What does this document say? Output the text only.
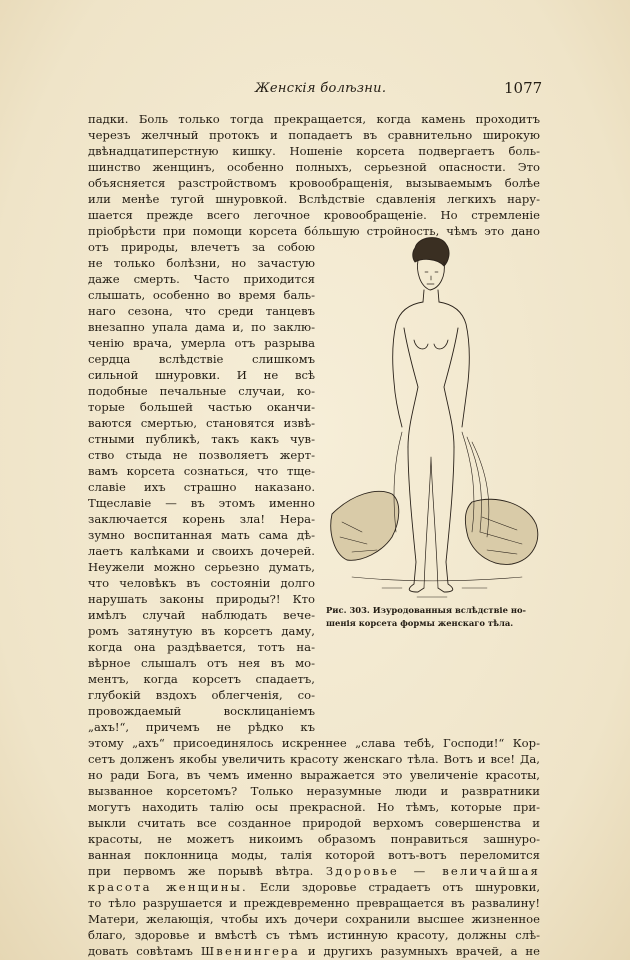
Женскія болѣзни.	1077
падки. Боль только тогда прекращается, когда камень проходитъ
черезъ желчный протокъ и попадаетъ въ сравнительно широкую
двѣнадцатиперстную кишку. Ношеніе корсета подвергаетъ боль-
шинство женщинъ, особенно полныхъ, серьезной опасности. Это
объясняется разстройствомъ кровообращенія, вызываемымъ болѣе
или менѣе тугой шнуровкой. Вслѣдствіе сдавленія легкихъ нару-
шается прежде всего легочное кровообращеніе. Но стремленіе
пріобрѣсти при помощи корсета бо́льшую стройность, чѣмъ это дано
отъ природы, влечетъ за собою
не только болѣзни, но зачастую
даже смерть. Часто приходится
слышать, особенно во время баль-
наго сезона, что среди танцевъ
внезапно упала дама и, по заклю-
ченію врача, умерла отъ разрыва
сердца вслѣдствіе слишкомъ
сильной шнуровки. И не всѣ
подобные печальные случаи, ко-
торые большей частью оканчи-
ваются смертью, становятся извѣ-
стными публикѣ, такъ какъ чув-
ство стыда не позволяетъ жерт-
вамъ корсета сознаться, что тще-
славіе ихъ страшно наказано.
Тщеславіе — въ этомъ именно
заключается корень зла! Нера-
зумно воспитанная мать сама дѣ-
лаетъ калѣками и своихъ дочерей.
Неужели можно серьезно думать,
что человѣкъ въ состояніи долго
нарушать законы природы?! Кто
имѣлъ случай наблюдать вече-
ромъ затянутую въ корсетъ даму,
когда она раздѣвается, тотъ на-
вѣрное слышалъ отъ нея въ мо-
ментъ, когда корсетъ спадаетъ,
глубокій вздохъ облегченія, со-
провождаемый восклицаніемъ
„ахъ!“, причемъ не рѣдко къ
этому „ахъ“ присоединялось искреннее „слава тебѣ, Господи!“ Кор-
сетъ долженъ якобы увеличить красоту женскаго тѣла. Вотъ и все! Да,
но ради Бога, въ чемъ именно выражается это увеличеніе красоты,
вызванное корсетомъ? Только неразумные люди и развратники
могутъ находить талію осы прекрасной. Но тѣмъ, которые при-
выкли считать все созданное природой верхомъ совершенства и
красоты, не можетъ никоимъ образомъ понравиться зашнуро-
ванная поклонница моды, талія которой вотъ-вотъ переломится
при первомъ же порывѣ вѣтра. Здоровье — величайшая
красота женщины. Если здоровье страдаетъ отъ шнуровки,
то тѣло разрушается и преждевременно превращается въ развалину!
Матери, желающія, чтобы ихъ дочери сохранили высшее жизненное
благо, здоровье и вмѣстѣ съ тѣмъ истинную красоту, должны слѣ-
довать совѣтамъ Швенингера и другихъ разумныхъ врачей, а не
Рис. 303. Изуродованныя вслѣдствіе но-
шенія корсета формы женскаго тѣла.
